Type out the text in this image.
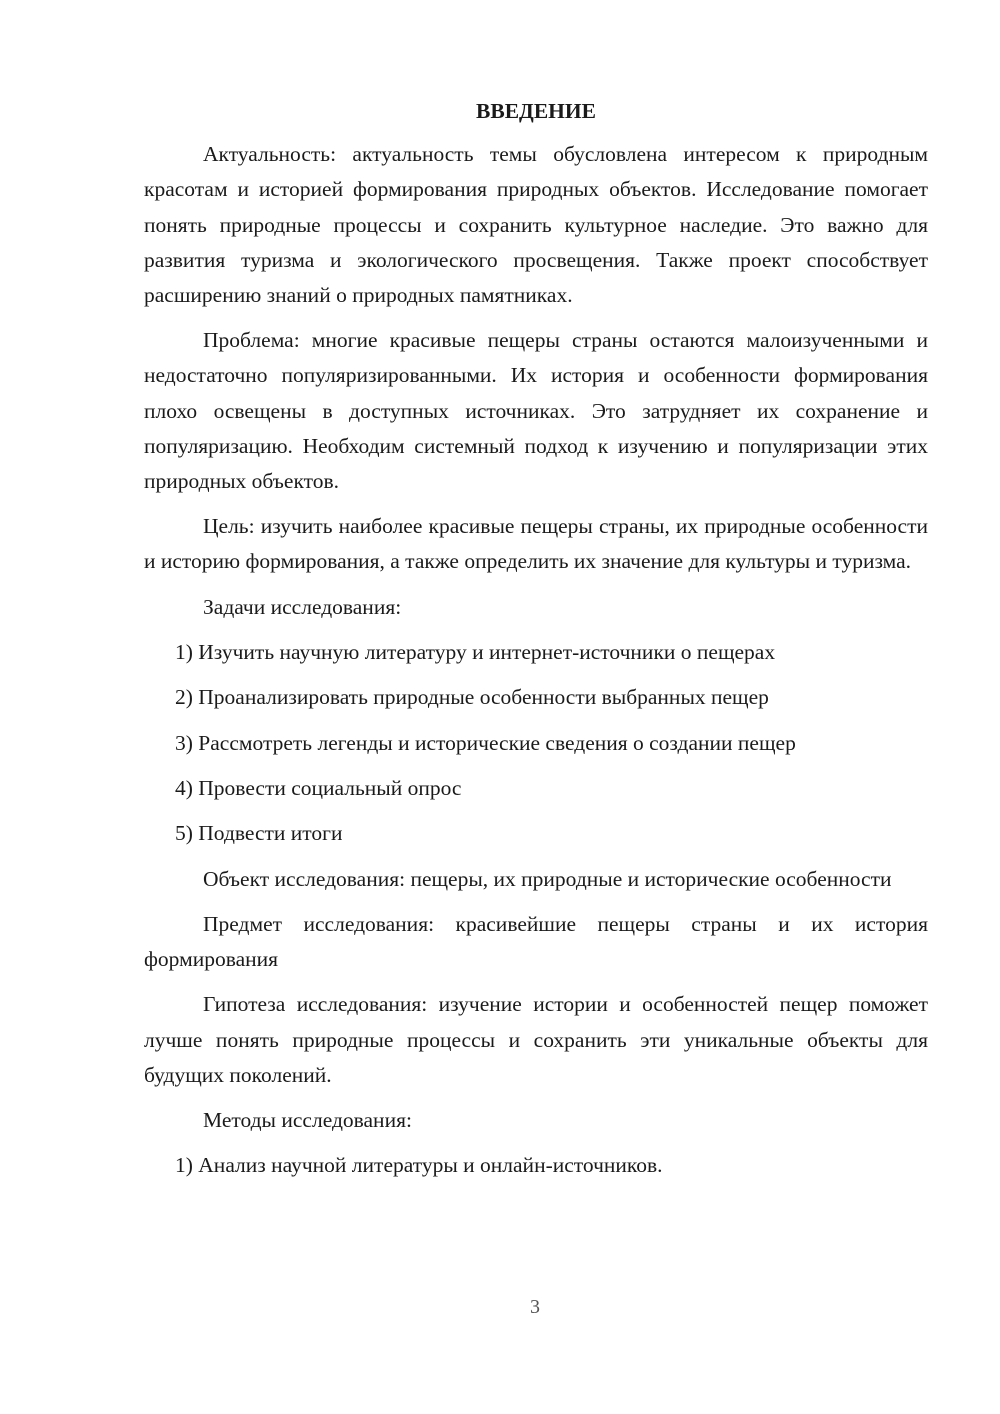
ВВЕДЕНИЕ

Актуальность: актуальность темы обусловлена интересом к природным красотам и историей формирования природных объектов. Исследование помогает понять природные процессы и сохранить культурное наследие. Это важно для развития туризма и экологического просвещения. Также проект способствует расширению знаний о природных памятниках.

Проблема: многие красивые пещеры страны остаются малоизученными и недостаточно популяризированными. Их история и особенности формирования плохо освещены в доступных источниках. Это затрудняет их сохранение и популяризацию. Необходим системный подход к изучению и популяризации этих природных объектов.

Цель: изучить наиболее красивые пещеры страны, их природные особенности и историю формирования, а также определить их значение для культуры и туризма.

Задачи исследования:

1) Изучить научную литературу и интернет-источники о пещерах
2) Проанализировать природные особенности выбранных пещер
3) Рассмотреть легенды и исторические сведения о создании пещер
4) Провести социальный опрос
5) Подвести итоги

Объект исследования: пещеры, их природные и исторические особенности

Предмет исследования: красивейшие пещеры страны и их история формирования

Гипотеза исследования: изучение истории и особенностей пещер поможет лучше понять природные процессы и сохранить эти уникальные объекты для будущих поколений.

Методы исследования:

1) Анализ научной литературы и онлайн-источников.
3
